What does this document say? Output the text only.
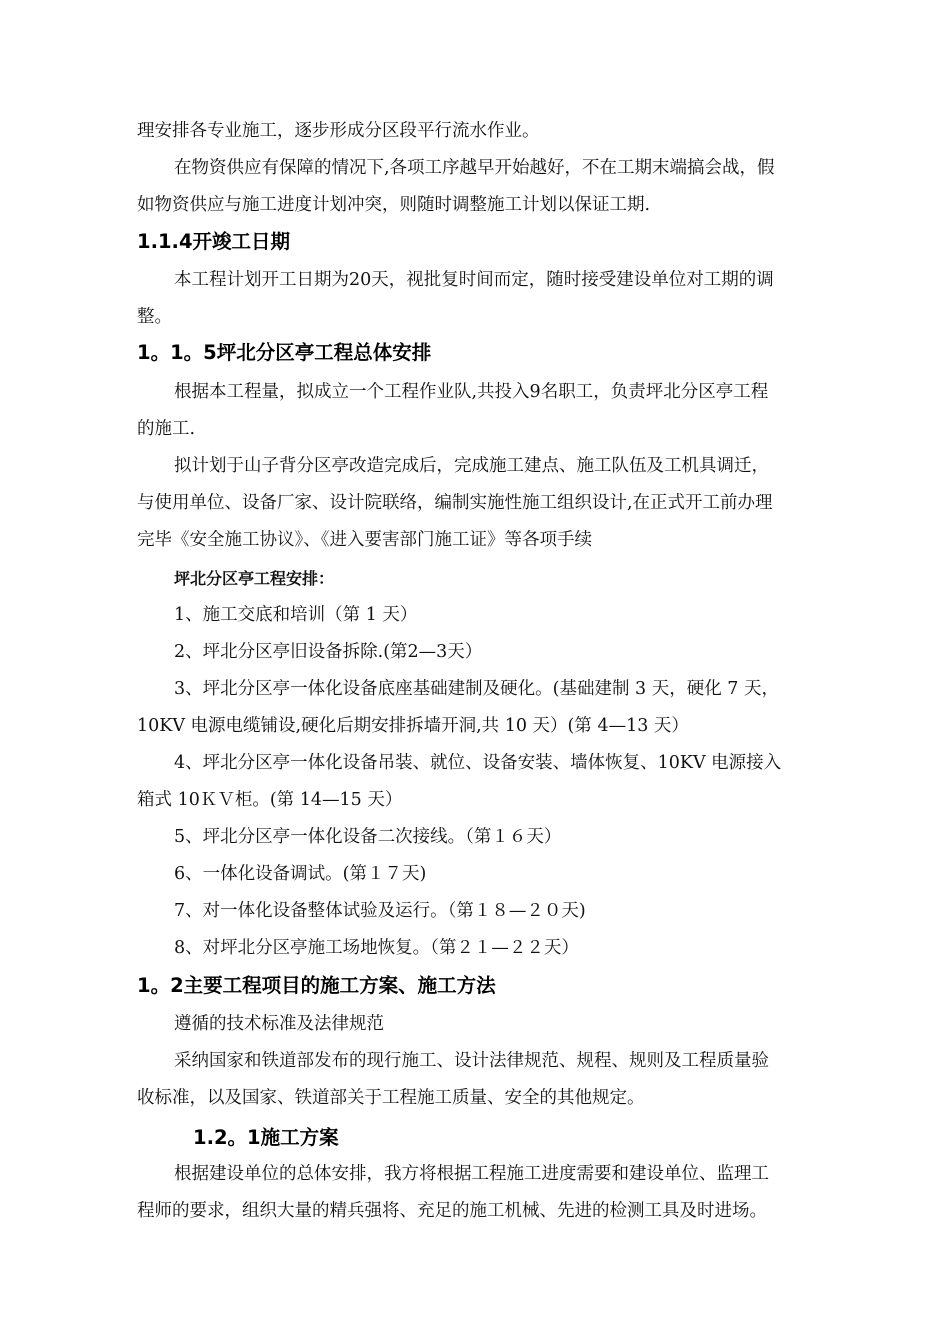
理安排各专业施工，逐步形成分区段平行流水作业。
在物资供应有保障的情况下,各项工序越早开始越好，不在工期末端搞会战，假
如物资供应与施工进度计划冲突，则随时调整施工计划以保证工期.
1.1.4开竣工日期
本工程计划开工日期为20天，视批复时间而定，随时接受建设单位对工期的调
整。
1。1。5坪北分区亭工程总体安排
根据本工程量，拟成立一个工程作业队,共投入9名职工，负责坪北分区亭工程
的施工.
拟计划于山子背分区亭改造完成后，完成施工建点、施工队伍及工机具调迁，
与使用单位、设备厂家、设计院联络，编制实施性施工组织设计,在正式开工前办理
完毕《安全施工协议》、《进入要害部门施工证》等各项手续
坪北分区亭工程安排：
1、施工交底和培训（第 1 天）
2、坪北分区亭旧设备拆除.(第2—3天）
3、坪北分区亭一体化设备底座基础建制及硬化。(基础建制 3 天，硬化 7 天，
10KV 电源电缆铺设,硬化后期安排拆墙开洞,共 10 天）(第 4—13 天）
4、坪北分区亭一体化设备吊装、就位、设备安装、墙体恢复、10KV 电源接入
箱式 10ＫＶ柜。(第 14—15 天）
5、坪北分区亭一体化设备二次接线。（第１６天）
6、一体化设备调试。(第１７天)
7、对一体化设备整体试验及运行。（第１８—２０天)
8、对坪北分区亭施工场地恢复。（第２１—２２天）
1。2主要工程项目的施工方案、施工方法
遵循的技术标准及法律规范
采纳国家和铁道部发布的现行施工、设计法律规范、规程、规则及工程质量验
收标准，以及国家、铁道部关于工程施工质量、安全的其他规定。
1.2。1施工方案
根据建设单位的总体安排，我方将根据工程施工进度需要和建设单位、监理工
程师的要求，组织大量的精兵强将、充足的施工机械、先进的检测工具及时进场。
